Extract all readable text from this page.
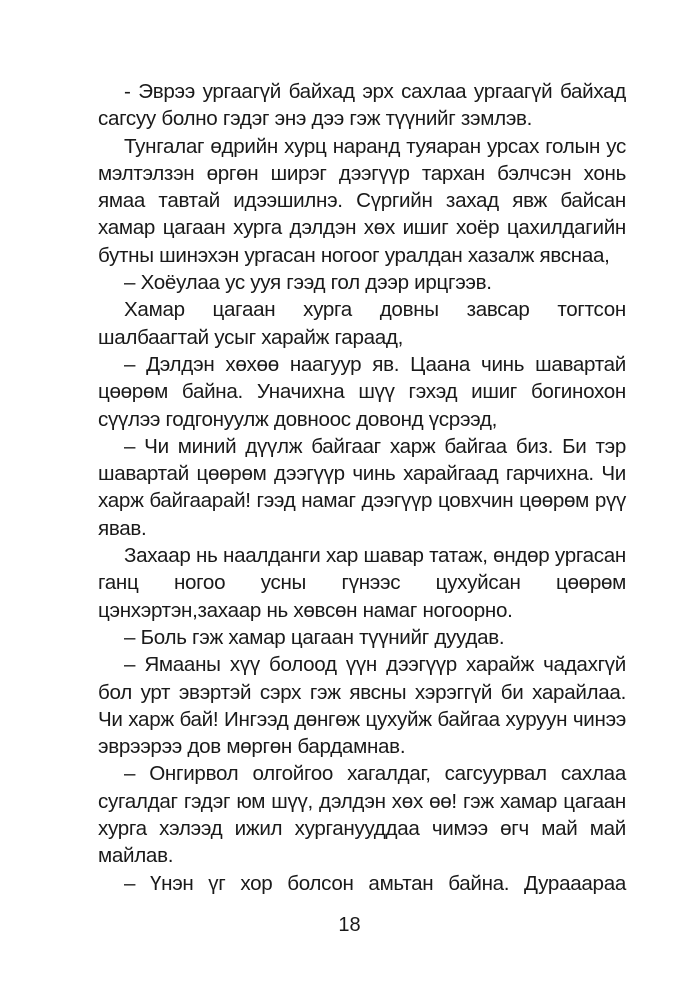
- Эврээ ургаагүй байхад эрх сахлаа ургаагүй байхад сагсуу болно гэдэг энэ дээ гэж түүнийг зэмлэв.

Тунгалаг өдрийн хурц наранд туяаран урсах голын ус мэлтэлзэн өргөн ширэг дээгүүр тархан бэлчсэн хонь ямаа тавтай идээшилнэ. Сүргийн захад явж байсан хамар цагаан хурга дэлдэн хөх ишиг хоёр цахилдагийн бутны шинэхэн ургасан ногоог уралдан хазалж явснаа,

– Хоёулаа ус ууя гээд гол дээр ирцгээв.

Хамар цагаан хурга довны завсар тогтсон шалбаагтай усыг харайж гараад,

– Дэлдэн хөхөө наагуур яв. Цаана чинь шавартай цөөрөм байна. Уначихна шүү гэхэд ишиг богинохон сүүлээ годгонуулж довноос довонд үсрээд,

– Чи миний дүүлж байгааг харж байгаа биз. Би тэр шавартай цөөрөм дээгүүр чинь харайгаад гарчихна. Чи харж байгаарай! гээд намаг дээгүүр цовхчин цөөрөм рүү явав.

Захаар нь наалданги хар шавар татаж, өндөр ургасан ганц ногоо усны гүнээс цухуйсан цөөрөм цэнхэртэн,захаар нь хөвсөн намаг ногоорно.

– Боль гэж хамар цагаан түүнийг дуудав.

– Ямааны хүү болоод үүн дээгүүр харайж чадахгүй бол урт эвэртэй сэрх гэж явсны хэрэггүй би харайлаа. Чи харж бай! Ингээд дөнгөж цухуйж байгаа хуруун чинээ эврээрээ дов мөргөн бардамнав.

– Онгирвол олгойгоо хагалдаг, сагсуурвал сахлаа сугалдаг гэдэг юм шүү, дэлдэн хөх өө! гэж хамар цагаан хурга хэлээд ижил хурганууддаа чимээ өгч май май майлав.

– Үнэн үг хор болсон амьтан байна. Дурааараа

18
